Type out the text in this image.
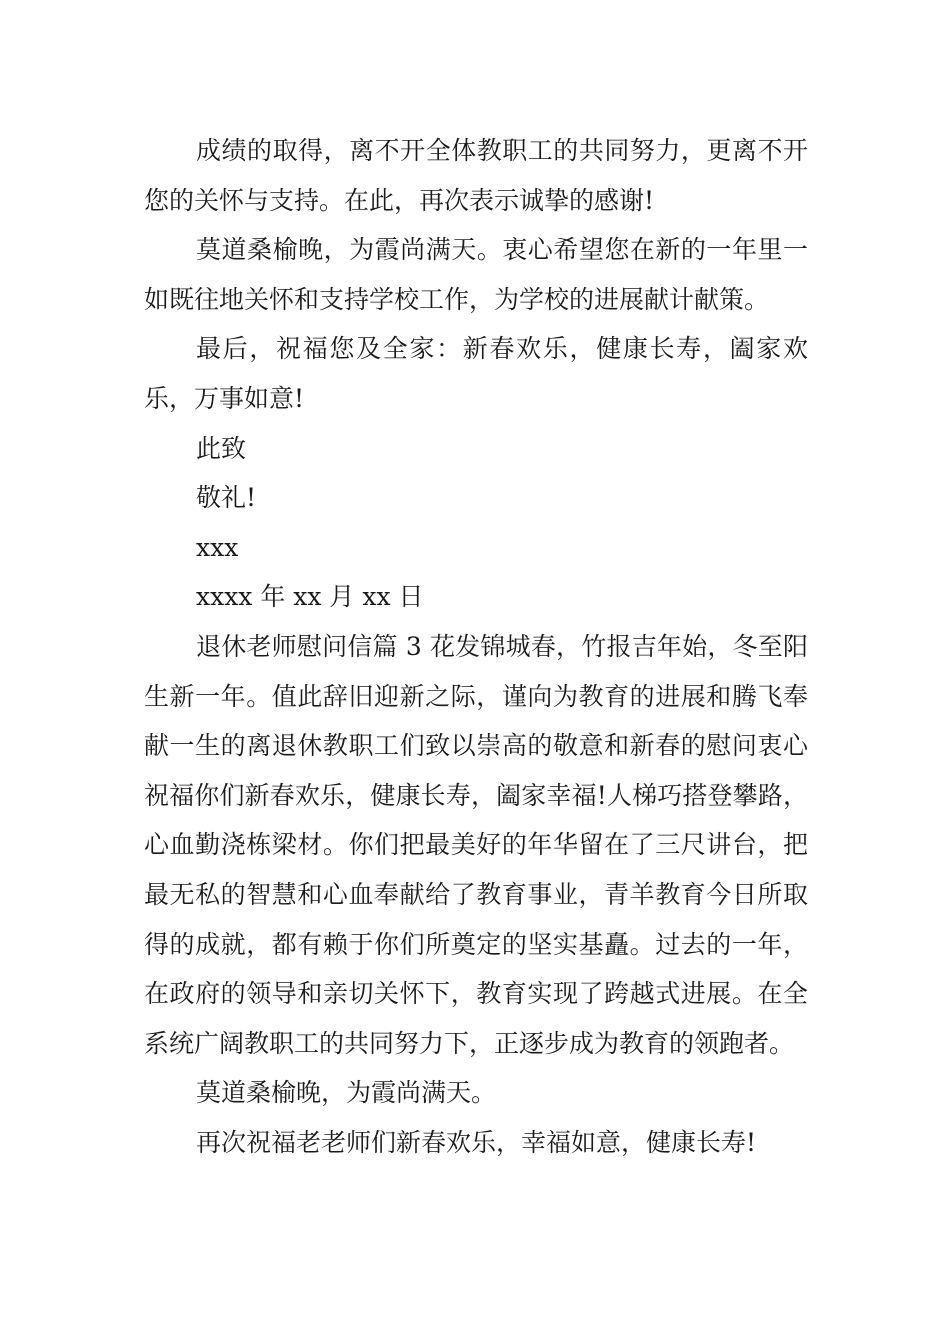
成绩的取得，离不开全体教职工的共同努力，更离不开您的关怀与支持。在此，再次表示诚挚的感谢!

莫道桑榆晚，为霞尚满天。衷心希望您在新的一年里一如既往地关怀和支持学校工作，为学校的进展献计献策。

最后，祝福您及全家：新春欢乐，健康长寿，阖家欢乐，万事如意!

此致

敬礼!

xxx

xxxx 年 xx 月 xx 日

退休老师慰问信篇 3 花发锦城春，竹报吉年始，冬至阳生新一年。值此辞旧迎新之际，谨向为教育的进展和腾飞奉献一生的离退休教职工们致以崇高的敬意和新春的慰问衷心祝福你们新春欢乐，健康长寿，阖家幸福!人梯巧搭登攀路，心血勤浇栋梁材。你们把最美好的年华留在了三尺讲台，把最无私的智慧和心血奉献给了教育事业，青羊教育今日所取得的成就，都有赖于你们所奠定的坚实基矗。过去的一年，在政府的领导和亲切关怀下，教育实现了跨越式进展。在全系统广阔教职工的共同努力下，正逐步成为教育的领跑者。

莫道桑榆晚，为霞尚满天。

再次祝福老老师们新春欢乐，幸福如意，健康长寿!
